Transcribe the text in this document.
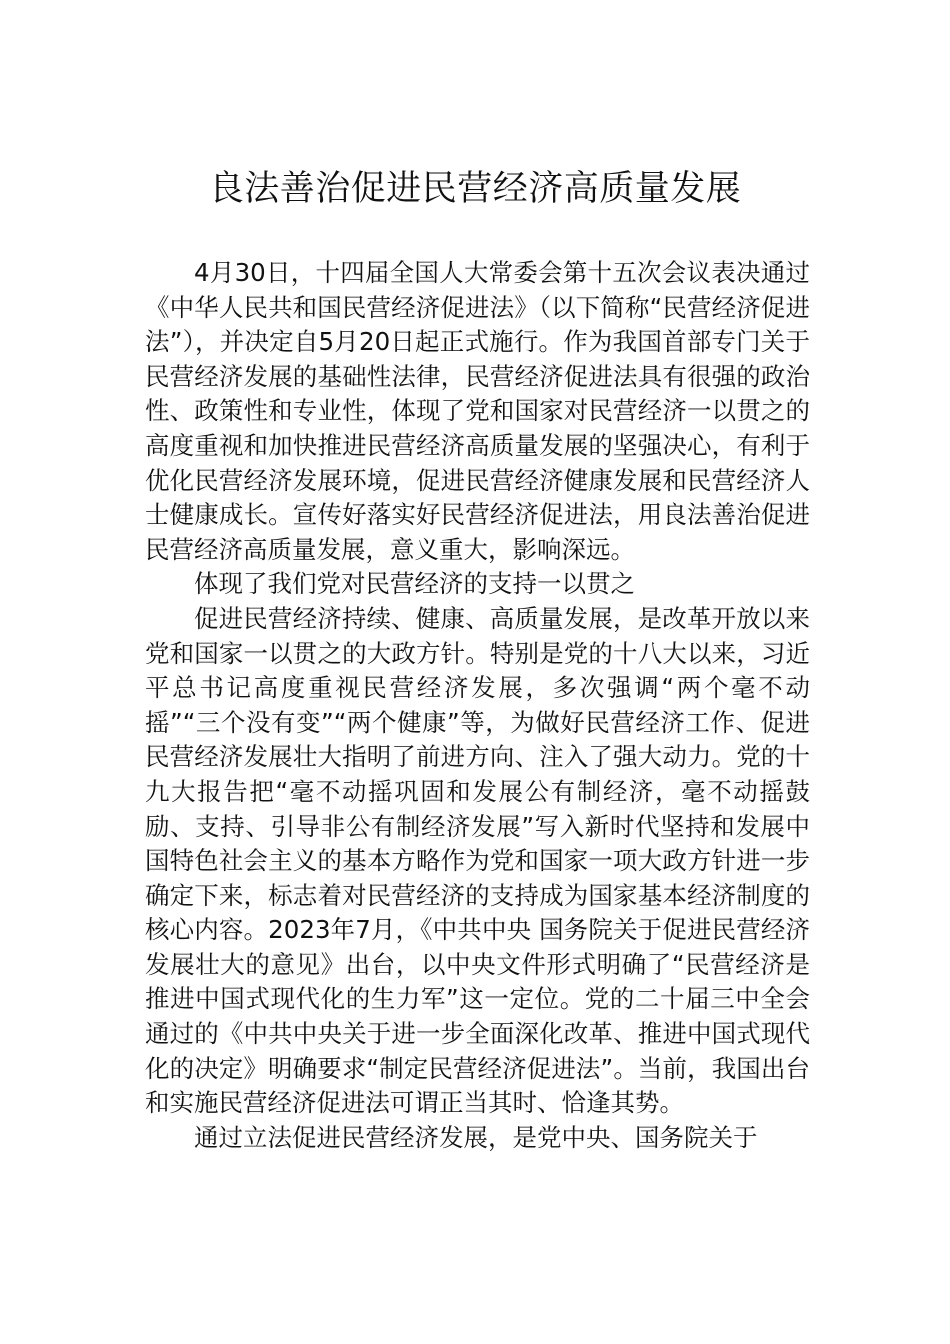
良法善治促进民营经济高质量发展

4月30日，十四届全国人大常委会第十五次会议表决通过《中华人民共和国民营经济促进法》（以下简称“民营经济促进法”），并决定自5月20日起正式施行。作为我国首部专门关于民营经济发展的基础性法律，民营经济促进法具有很强的政治性、政策性和专业性，体现了党和国家对民营经济一以贯之的高度重视和加快推进民营经济高质量发展的坚强决心，有利于优化民营经济发展环境，促进民营经济健康发展和民营经济人士健康成长。宣传好落实好民营经济促进法，用良法善治促进民营经济高质量发展，意义重大，影响深远。

体现了我们党对民营经济的支持一以贯之

促进民营经济持续、健康、高质量发展，是改革开放以来党和国家一以贯之的大政方针。特别是党的十八大以来，习近平总书记高度重视民营经济发展，多次强调“两个毫不动摇”“三个没有变”“两个健康”等，为做好民营经济工作、促进民营经济发展壮大指明了前进方向、注入了强大动力。党的十九大报告把“毫不动摇巩固和发展公有制经济，毫不动摇鼓励、支持、引导非公有制经济发展”写入新时代坚持和发展中国特色社会主义的基本方略作为党和国家一项大政方针进一步确定下来，标志着对民营经济的支持成为国家基本经济制度的核心内容。2023年7月，《中共中央 国务院关于促进民营经济发展壮大的意见》出台，以中央文件形式明确了“民营经济是推进中国式现代化的生力军”这一定位。党的二十届三中全会通过的《中共中央关于进一步全面深化改革、推进中国式现代化的决定》明确要求“制定民营经济促进法”。当前，我国出台和实施民营经济促进法可谓正当其时、恰逢其势。

通过立法促进民营经济发展，是党中央、国务院关于
